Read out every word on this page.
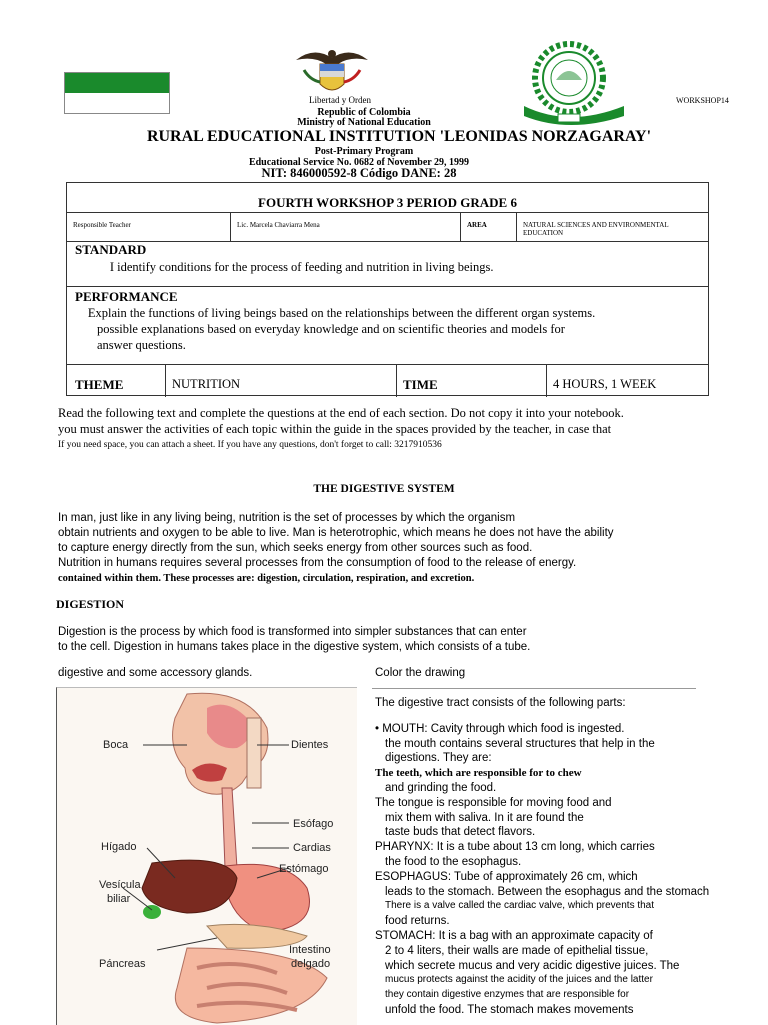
Libertad y Orden	WORKSHOP14
Republic of Colombia
Ministry of National Education
RURAL EDUCATIONAL INSTITUTION 'LEONIDAS NORZAGARAY'
Post-Primary Program
Educational Service No. 0682 of November 29, 1999
NIT: 846000592-8 Código DANE: 28
FOURTH WORKSHOP 3 PERIOD GRADE 6
Responsible Teacher	Lic. Marcela Chaviarra Mena	AREA	NATURAL SCIENCES AND ENVIRONMENTAL EDUCATION
STANDARD
I identify conditions for the process of feeding and nutrition in living beings.
PERFORMANCE
Explain the functions of living beings based on the relationships between the different organ systems.
possible explanations based on everyday knowledge and on scientific theories and models for
answer questions.
THEME	NUTRITION	TIME	4 HOURS, 1 WEEK
Read the following text and complete the questions at the end of each section. Do not copy it into your notebook.
you must answer the activities of each topic within the guide in the spaces provided by the teacher, in case that
If you need space, you can attach a sheet. If you have any questions, don't forget to call: 3217910536
THE DIGESTIVE SYSTEM
In man, just like in any living being, nutrition is the set of processes by which the organism
obtain nutrients and oxygen to be able to live. Man is heterotrophic, which means he does not have the ability
to capture energy directly from the sun, which seeks energy from other sources such as food.
Nutrition in humans requires several processes from the consumption of food to the release of energy.
contained within them. These processes are: digestion, circulation, respiration, and excretion.
DIGESTION
Digestion is the process by which food is transformed into simpler substances that can enter
to the cell. Digestion in humans takes place in the digestive system, which consists of a tube.
digestive and some accessory glands.	Color the drawing
Boca	Dientes
Esófago
Cardias
Hígado
Estómago
Vesícula
biliar
Intestino
delgado
Páncreas
The digestive tract consists of the following parts:
• MOUTH: Cavity through which food is ingested.
the mouth contains several structures that help in the
digestions. They are:
The teeth, which are responsible for to chew
and grinding the food.
The tongue is responsible for moving food and
mix them with saliva. In it are found the
taste buds that detect flavors.
PHARYNX: It is a tube about 13 cm long, which carries
the food to the esophagus.
ESOPHAGUS: Tube of approximately 26 cm, which
leads to the stomach. Between the esophagus and the stomach
There is a valve called the cardiac valve, which prevents that
food returns.
STOMACH: It is a bag with an approximate capacity of
2 to 4 liters, their walls are made of epithelial tissue,
which secrete mucus and very acidic digestive juices. The
mucus protects against the acidity of the juices and the latter
they contain digestive enzymes that are responsible for
unfold the food. The stomach makes movements
